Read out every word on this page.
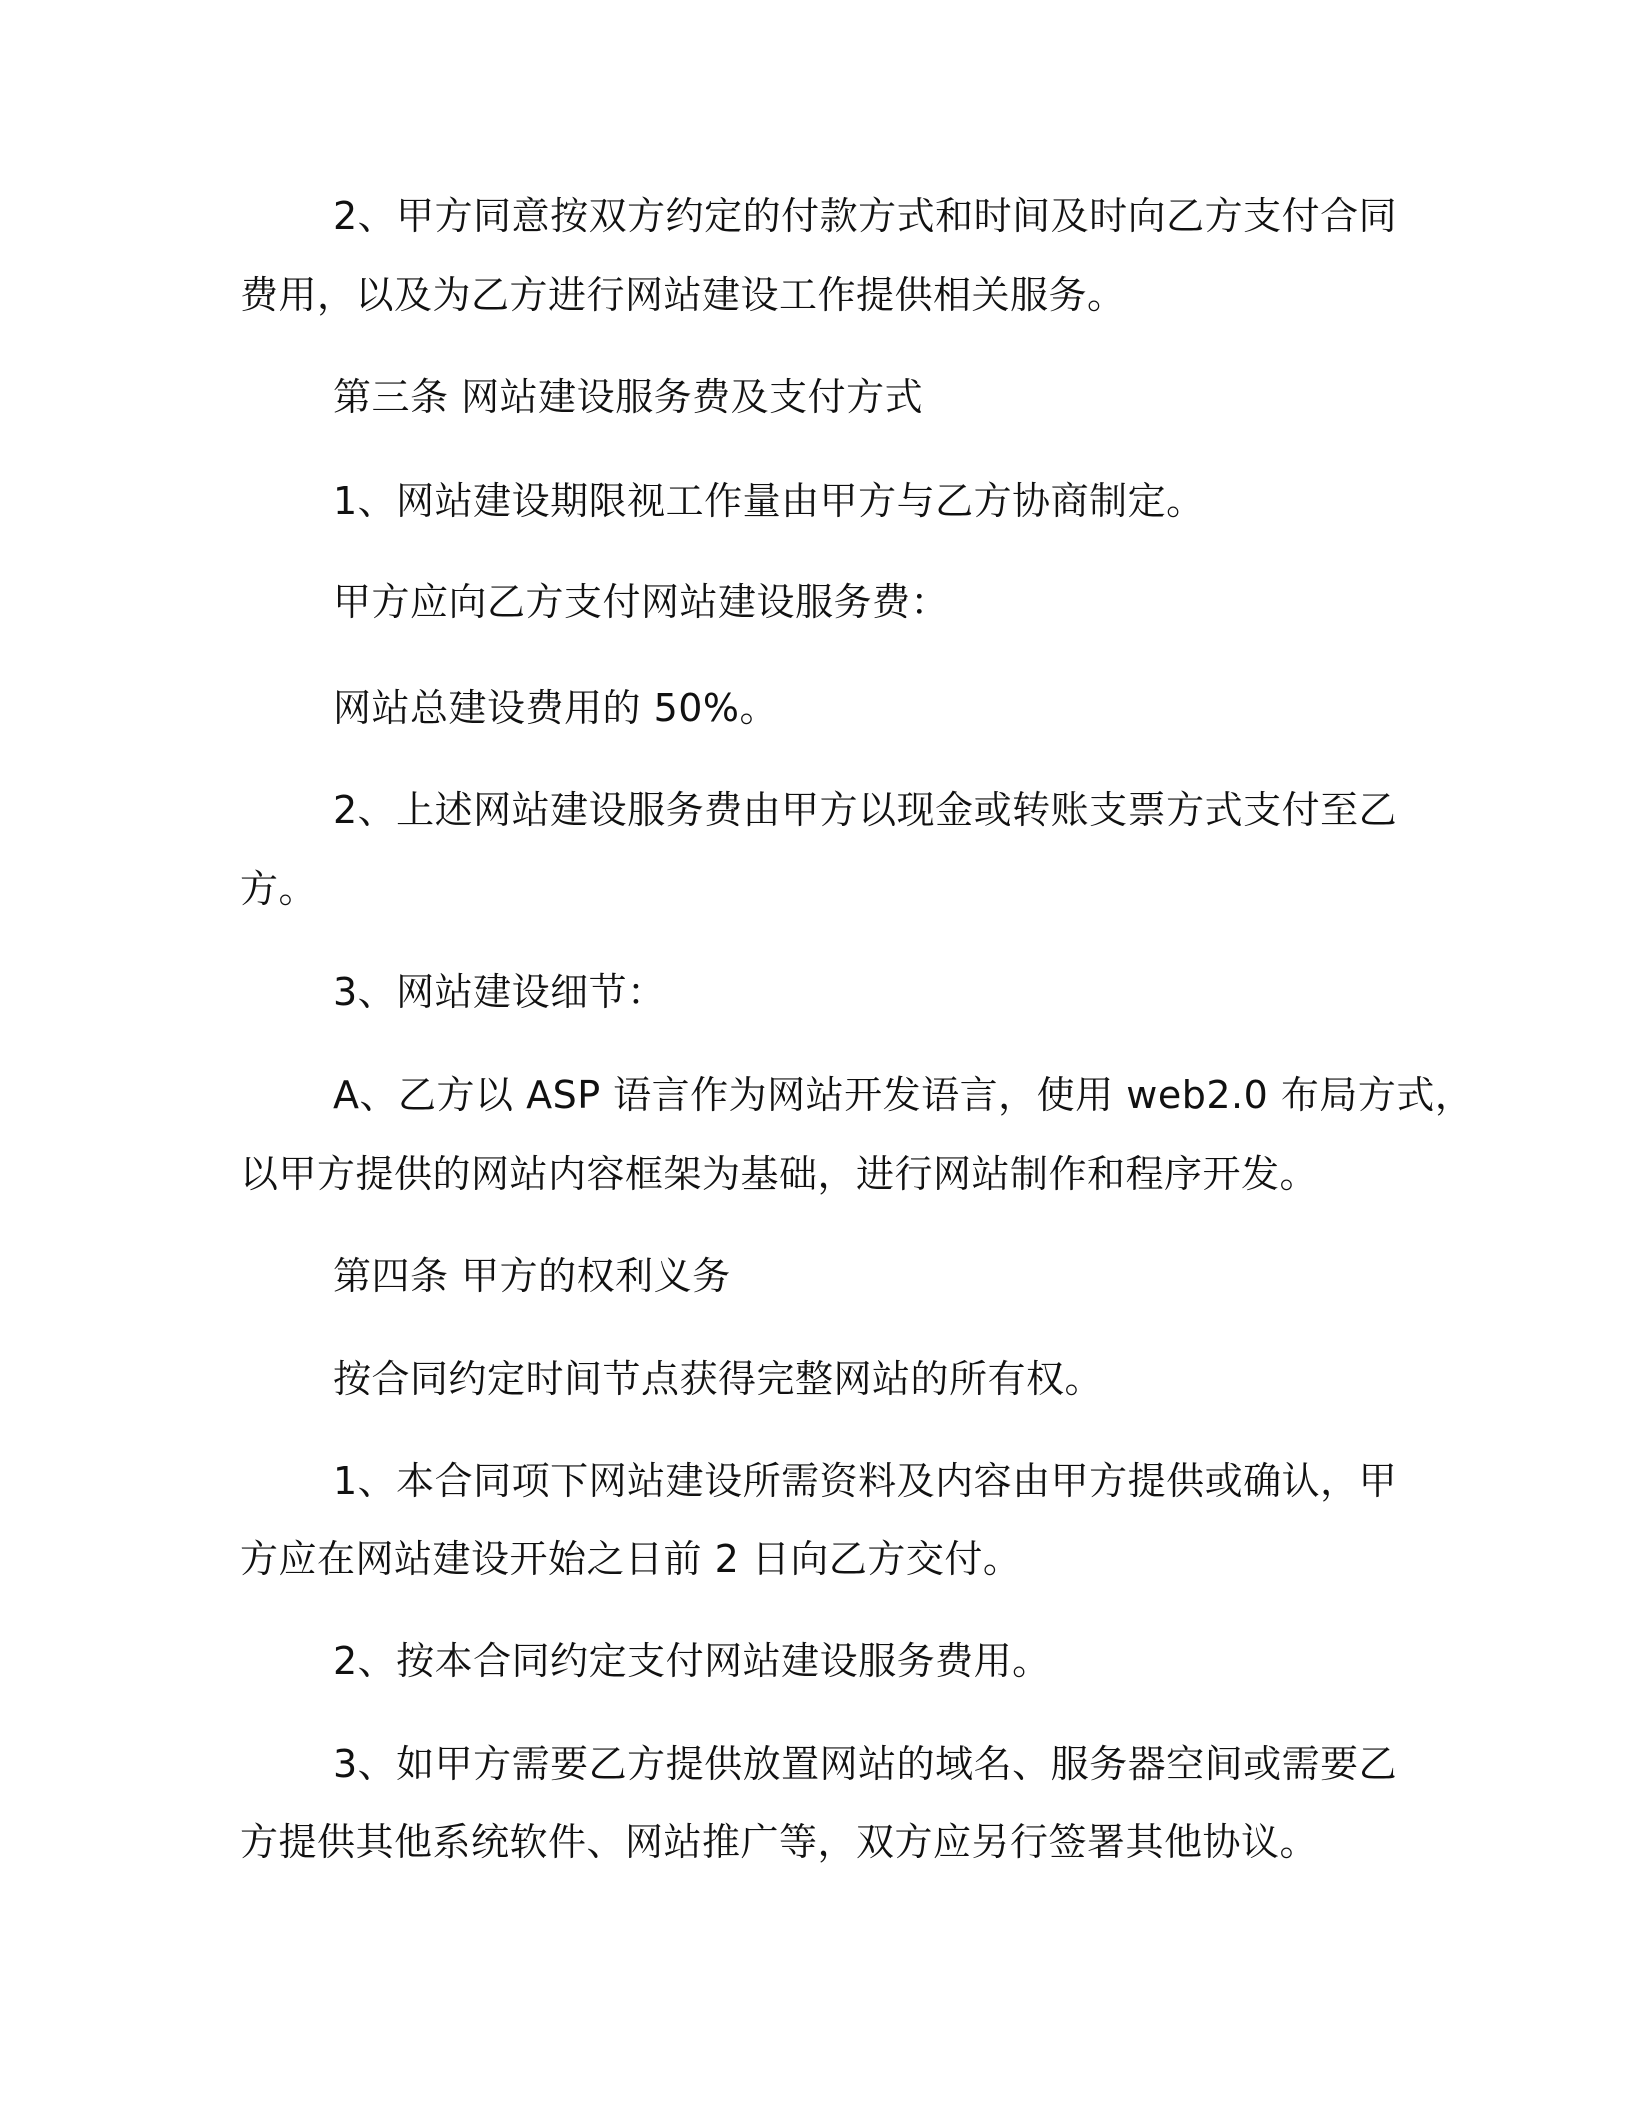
2、甲方同意按双方约定的付款方式和时间及时向乙方支付合同
费用，以及为乙方进行网站建设工作提供相关服务。
第三条 网站建设服务费及支付方式
1、网站建设期限视工作量由甲方与乙方协商制定。
甲方应向乙方支付网站建设服务费：
网站总建设费用的 50%。
2、上述网站建设服务费由甲方以现金或转账支票方式支付至乙
方。
3、网站建设细节：
A、乙方以 ASP 语言作为网站开发语言，使用 web2.0 布局方式，
以甲方提供的网站内容框架为基础，进行网站制作和程序开发。
第四条 甲方的权利义务
按合同约定时间节点获得完整网站的所有权。
1、本合同项下网站建设所需资料及内容由甲方提供或确认，甲
方应在网站建设开始之日前 2 日向乙方交付。
2、按本合同约定支付网站建设服务费用。
3、如甲方需要乙方提供放置网站的域名、服务器空间或需要乙
方提供其他系统软件、网站推广等，双方应另行签署其他协议。
